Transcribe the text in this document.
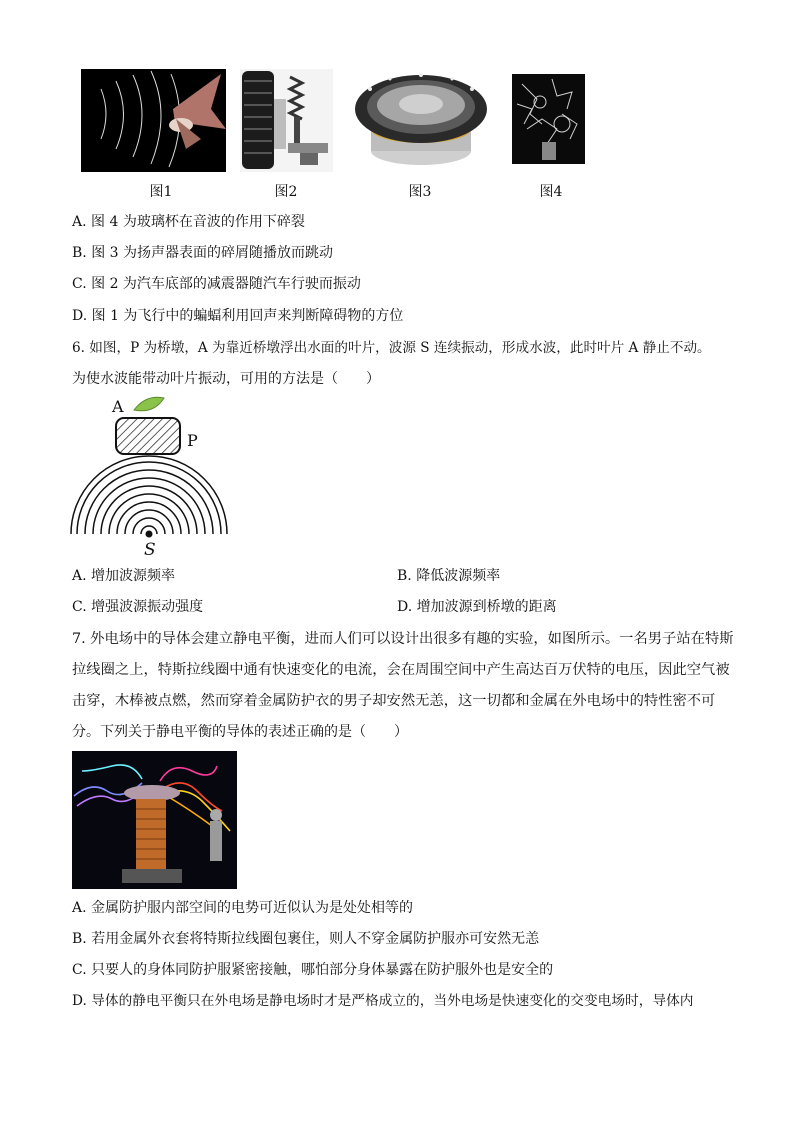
图1	图2	图3	图4
A. 图 4 为玻璃杯在音波的作用下碎裂
B. 图 3 为扬声器表面的碎屑随播放而跳动
C. 图 2 为汽车底部的减震器随汽车行驶而振动
D. 图 1 为飞行中的蝙蝠利用回声来判断障碍物的方位
6. 如图，P 为桥墩，A 为靠近桥墩浮出水面的叶片，波源 S 连续振动，形成水波，此时叶片 A 静止不动。
为使水波能带动叶片振动，可用的方法是（　　）
A
P
S
A. 增加波源频率	B. 降低波源频率
C. 增强波源振动强度	D. 增加波源到桥墩的距离
7. 外电场中的导体会建立静电平衡，进而人们可以设计出很多有趣的实验，如图所示。一名男子站在特斯
拉线圈之上，特斯拉线圈中通有快速变化的电流，会在周围空间中产生高达百万伏特的电压，因此空气被
击穿，木棒被点燃，然而穿着金属防护衣的男子却安然无恙，这一切都和金属在外电场中的特性密不可
分。下列关于静电平衡的导体的表述正确的是（　　）
A. 金属防护服内部空间的电势可近似认为是处处相等的
B. 若用金属外衣套将特斯拉线圈包裹住，则人不穿金属防护服亦可安然无恙
C. 只要人的身体同防护服紧密接触，哪怕部分身体暴露在防护服外也是安全的
D. 导体的静电平衡只在外电场是静电场时才是严格成立的，当外电场是快速变化的交变电场时，导体内
